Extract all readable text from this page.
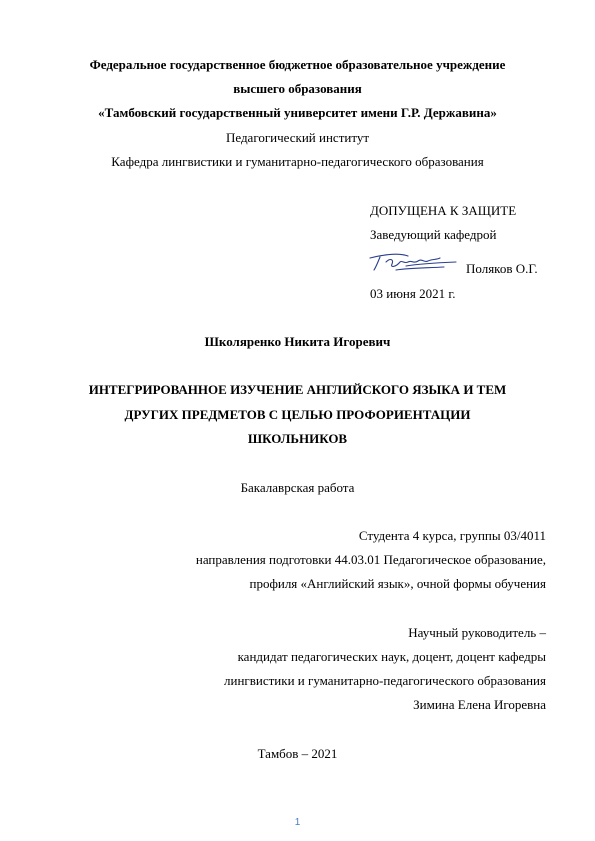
Федеральное государственное бюджетное образовательное учреждение
высшего образования
«Тамбовский государственный университет имени Г.Р. Державина»
Педагогический институт
Кафедра лингвистики и гуманитарно-педагогического образования
ДОПУЩЕНА К ЗАЩИТЕ
Заведующий кафедрой
Поляков О.Г.
03 июня 2021 г.
Школяренко Никита Игоревич
ИНТЕГРИРОВАННОЕ ИЗУЧЕНИЕ АНГЛИЙСКОГО ЯЗЫКА И ТЕМ
ДРУГИХ ПРЕДМЕТОВ С ЦЕЛЬЮ ПРОФОРИЕНТАЦИИ
ШКОЛЬНИКОВ
Бакалаврская работа
Студента 4 курса, группы 03/4011
направления подготовки 44.03.01 Педагогическое образование,
профиля «Английский язык», очной формы обучения
Научный руководитель –
кандидат педагогических наук, доцент, доцент кафедры
лингвистики и гуманитарно-педагогического образования
Зимина Елена Игоревна
Тамбов – 2021
1
